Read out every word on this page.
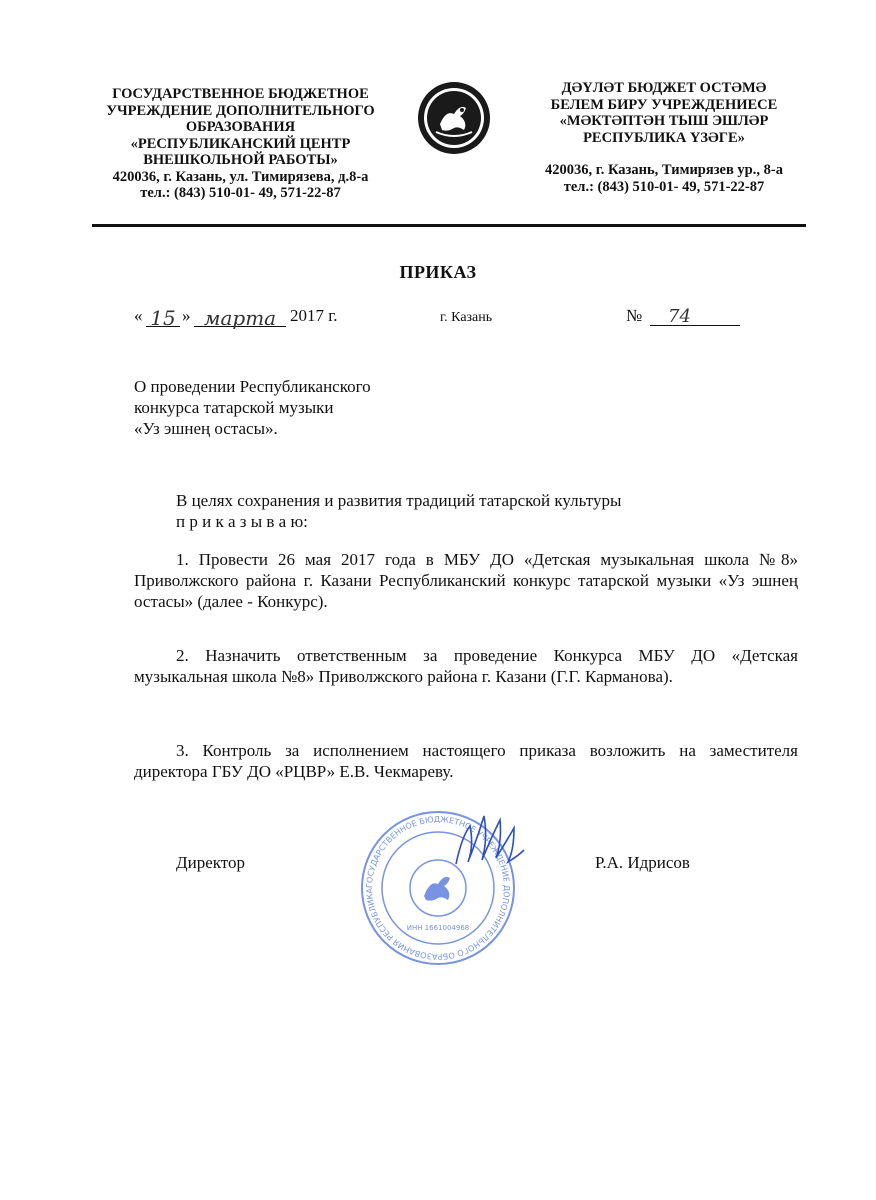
ГОСУДАРСТВЕННОЕ БЮДЖЕТНОЕ
УЧРЕЖДЕНИЕ ДОПОЛНИТЕЛЬНОГО
ОБРАЗОВАНИЯ
«РЕСПУБЛИКАНСКИЙ ЦЕНТР
ВНЕШКОЛЬНОЙ РАБОТЫ»
420036, г. Казань, ул. Тимирязева, д.8-а
тел.: (843) 510-01- 49, 571-22-87
ДӘҮЛӘТ БЮДЖЕТ ОСТӘМӘ
БЕЛЕМ БИРУ УЧРЕЖДЕНИЕСЕ
«МӘКТӘПТӘН ТЫШ ЭШЛӘР
РЕСПУБЛИКА ҮЗӘГЕ»
420036, г. Казань, Тимирязев ур., 8-а
тел.: (843) 510-01- 49, 571-22-87
ПРИКАЗ
« 15 » марта 2017 г.	г. Казань	№	74
О проведении Республиканского
конкурса татарской музыки
«Уз эшнең остасы».
В целях сохранения и развития традиций татарской культуры
п р и к а з ы в а ю:

1. Провести 26 мая 2017 года в МБУ ДО «Детская музыкальная школа №8» Приволжского района г. Казани Республиканский конкурс татарской музыки «Уз эшнең остасы» (далее - Конкурс).

2. Назначить ответственным за проведение Конкурса МБУ ДО «Детская музыкальная школа №8» Приволжского района г. Казани (Г.Г. Карманова).

3. Контроль за исполнением настоящего приказа возложить на заместителя директора ГБУ ДО «РЦВР» Е.В. Чекмареву.

ГОСУДАРСТВЕННОЕ БЮДЖЕТНОЕ УЧРЕЖДЕНИЕ ДОПОЛНИТЕЛЬНОГО ОБРАЗОВАНИЯ РЕСПУБЛИКА
ИНН 1661004968
Директор	Р.А. Идрисов
